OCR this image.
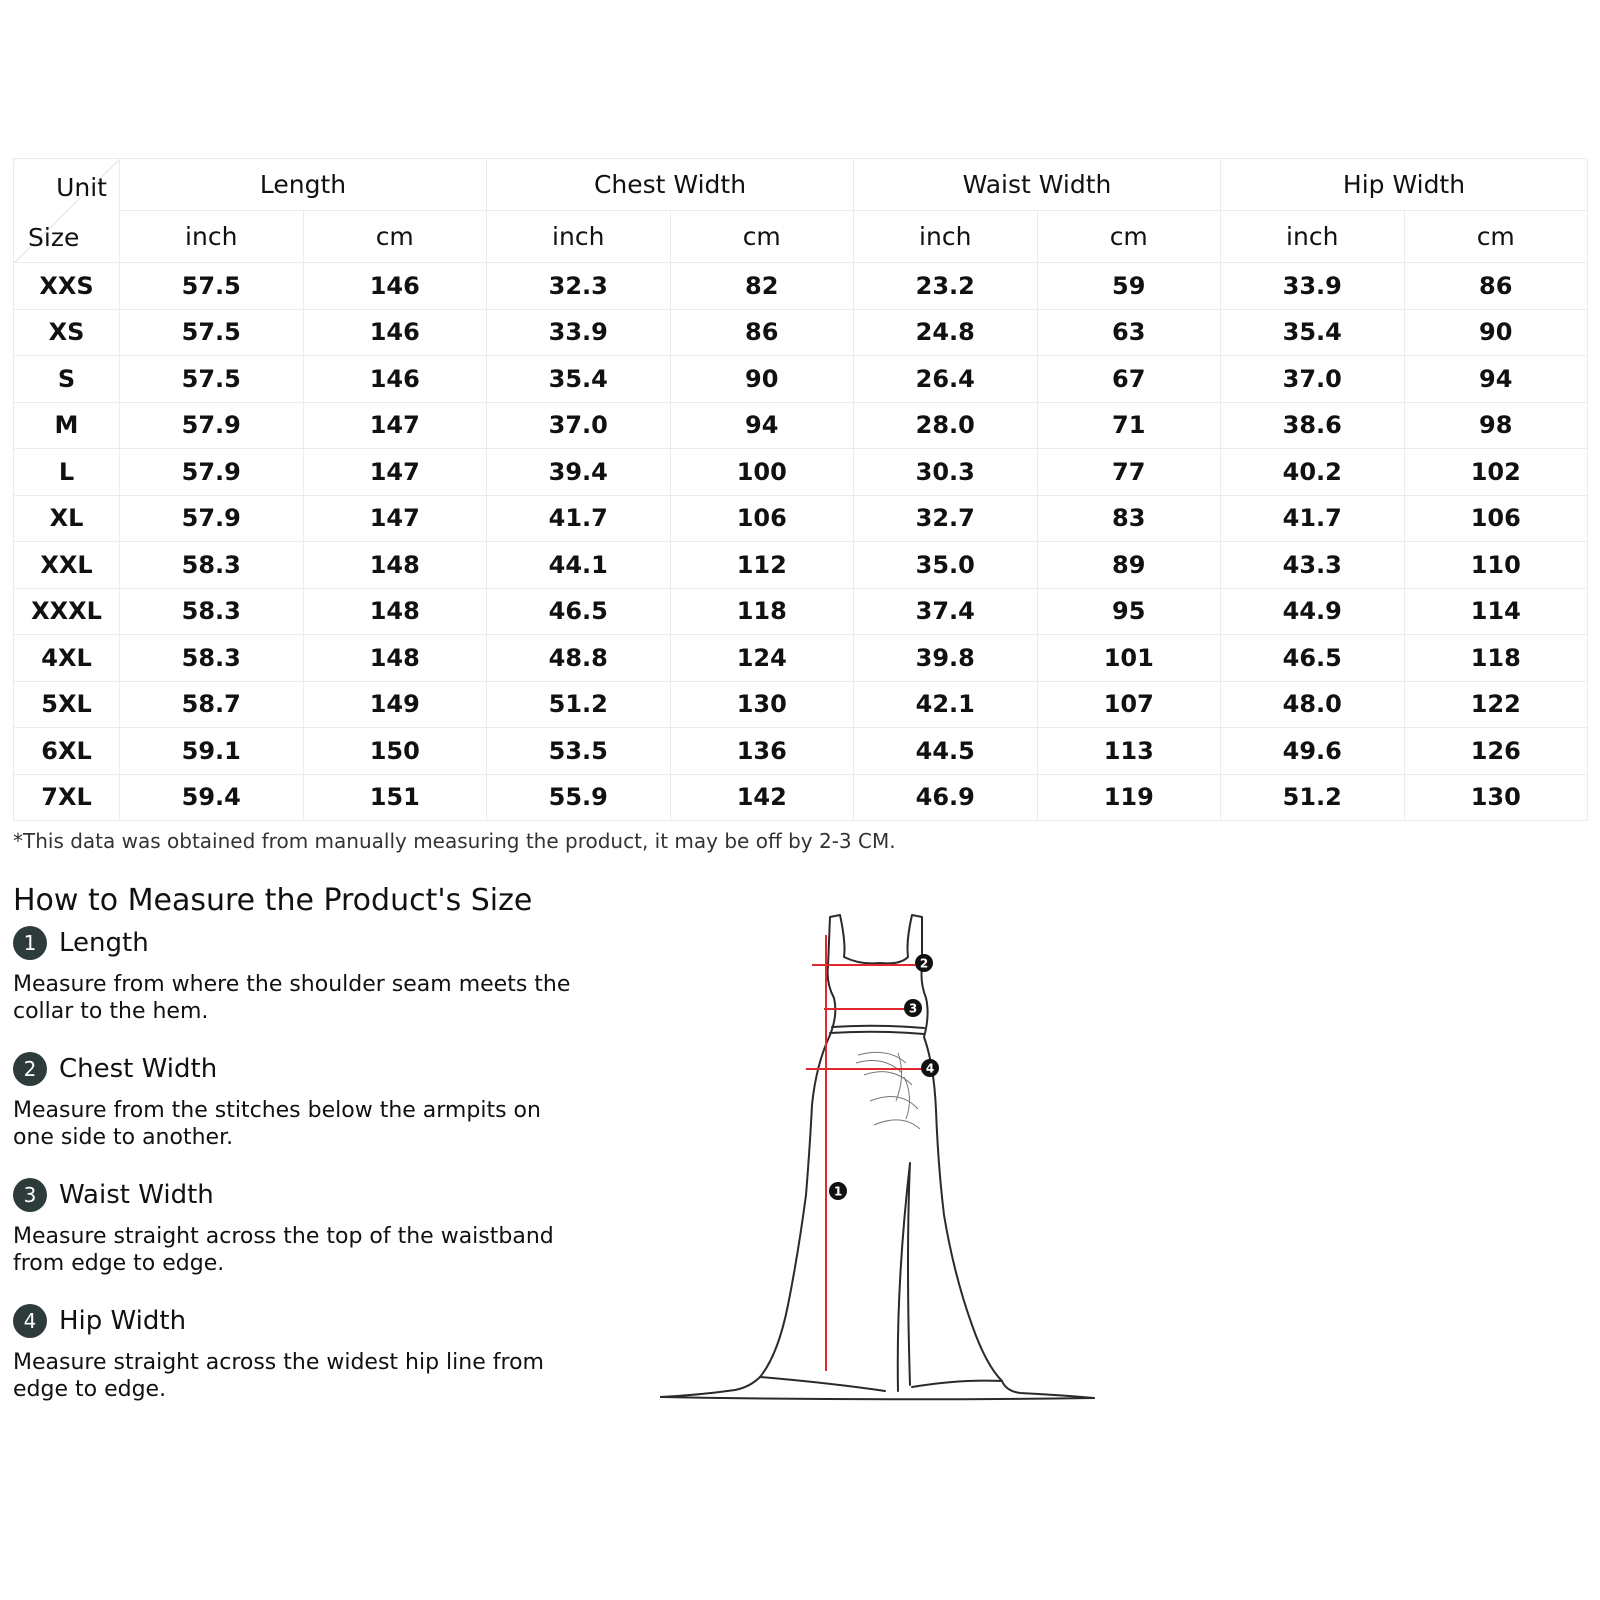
Unit
Size	Length		Chest Width		Waist Width		Hip Width	
	inch	cm	inch	cm	inch	cm	inch	cm
XXS	57.5	146	32.3	82	23.2	59	33.9	86
XS	57.5	146	33.9	86	24.8	63	35.4	90
S	57.5	146	35.4	90	26.4	67	37.0	94
M	57.9	147	37.0	94	28.0	71	38.6	98
L	57.9	147	39.4	100	30.3	77	40.2	102
XL	57.9	147	41.7	106	32.7	83	41.7	106
XXL	58.3	148	44.1	112	35.0	89	43.3	110
XXXL	58.3	148	46.5	118	37.4	95	44.9	114
4XL	58.3	148	48.8	124	39.8	101	46.5	118
5XL	58.7	149	51.2	130	42.1	107	48.0	122
6XL	59.1	150	53.5	136	44.5	113	49.6	126
7XL	59.4	151	55.9	142	46.9	119	51.2	130
*This data was obtained from manually measuring the product, it may be off by 2-3 CM.
How to Measure the Product's Size
1 Length
Measure from where the shoulder seam meets the collar to the hem.
2 Chest Width
Measure from the stitches below the armpits on one side to another.
3 Waist Width
Measure straight across the top of the waistband from edge to edge.
4 Hip Width
Measure straight across the widest hip line from edge to edge.
1
2
3
4
